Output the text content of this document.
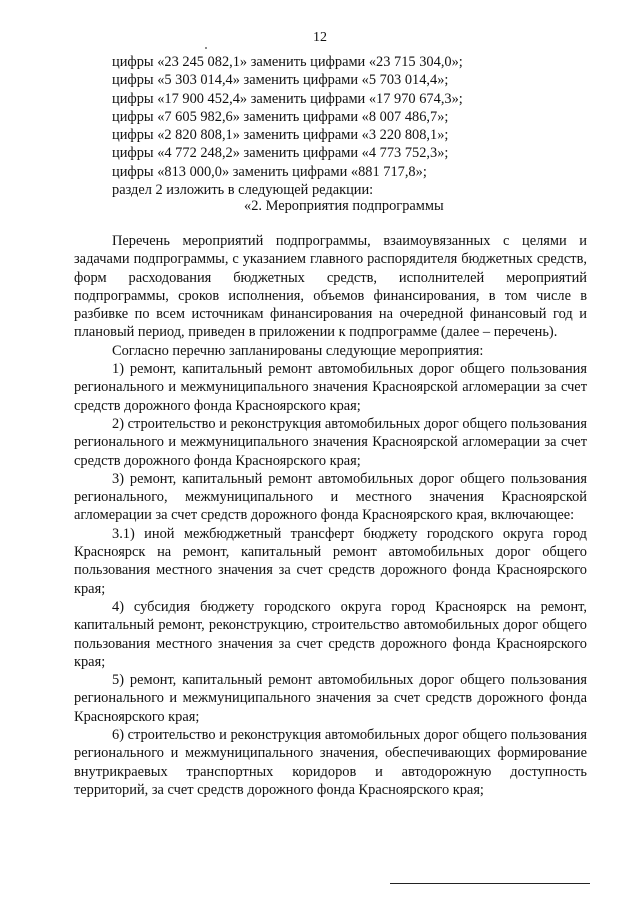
12
цифры «23 245 082,1» заменить цифрами «23 715 304,0»;
цифры «5 303 014,4» заменить цифрами «5 703 014,4»;
цифры «17 900 452,4» заменить цифрами «17 970 674,3»;
цифры «7 605 982,6» заменить цифрами «8 007 486,7»;
цифры «2 820 808,1» заменить цифрами «3 220 808,1»;
цифры «4 772 248,2» заменить цифрами «4 773 752,3»;
цифры «813 000,0» заменить цифрами «881 717,8»;
раздел 2 изложить в следующей редакции:
«2. Мероприятия подпрограммы

Перечень мероприятий подпрограммы, взаимоувязанных с целями и задачами подпрограммы, с указанием главного распорядителя бюджетных средств, форм расходования бюджетных средств, исполнителей мероприятий подпрограммы, сроков исполнения, объемов финансирования, в том числе в разбивке по всем источникам финансирования на очередной финансовый год и плановый период, приведен в приложении к подпрограмме (далее – перечень).

Согласно перечню запланированы следующие мероприятия:

1) ремонт, капитальный ремонт автомобильных дорог общего пользования регионального и межмуниципального значения Красноярской агломерации за счет средств дорожного фонда Красноярского края;

2) строительство и реконструкция автомобильных дорог общего пользования регионального и межмуниципального значения Красноярской агломерации за счет средств дорожного фонда Красноярского края;

3) ремонт, капитальный ремонт автомобильных дорог общего пользования регионального, межмуниципального и местного значения Красноярской агломерации за счет средств дорожного фонда Красноярского края, включающее:

3.1) иной межбюджетный трансферт бюджету городского округа город Красноярск на ремонт, капитальный ремонт автомобильных дорог общего пользования местного значения за счет средств дорожного фонда Красноярского края;

4) субсидия бюджету городского округа город Красноярск на ремонт, капитальный ремонт, реконструкцию, строительство автомобильных дорог общего пользования местного значения за счет средств дорожного фонда Красноярского края;

5) ремонт, капитальный ремонт автомобильных дорог общего пользования регионального и межмуниципального значения за счет средств дорожного фонда Красноярского края;

6) строительство и реконструкция автомобильных дорог общего пользования регионального и межмуниципального значения, обеспечивающих формирование внутрикраевых транспортных коридоров и автодорожную доступность территорий, за счет средств дорожного фонда Красноярского края;
